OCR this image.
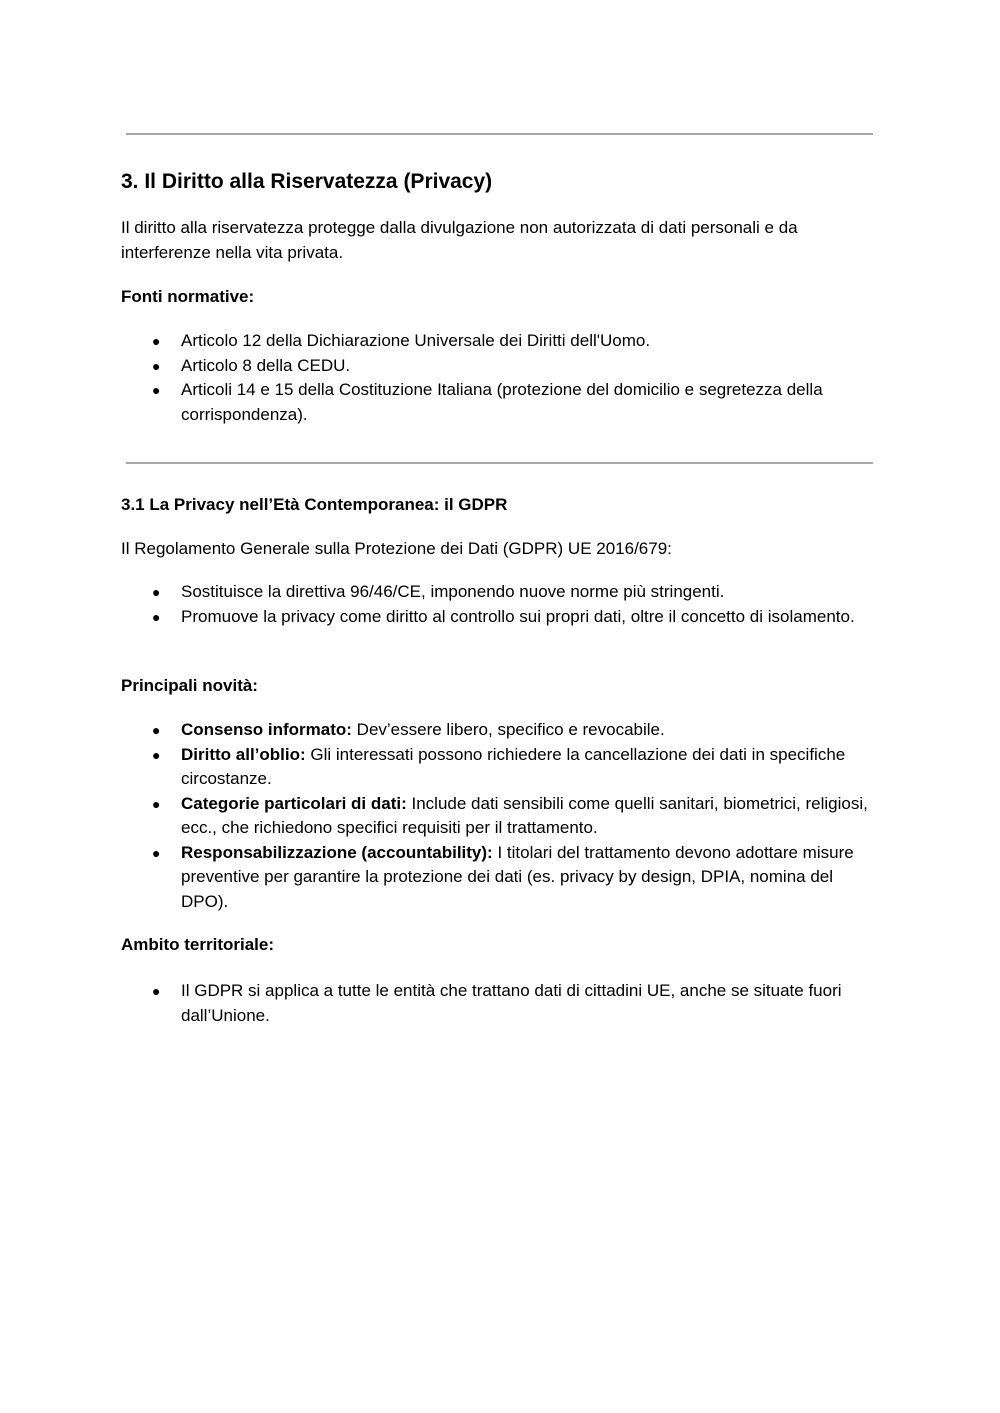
3. Il Diritto alla Riservatezza (Privacy)

Il diritto alla riservatezza protegge dalla divulgazione non autorizzata di dati personali e da interferenze nella vita privata.

Fonti normative:

● Articolo 12 della Dichiarazione Universale dei Diritti dell'Uomo.
● Articolo 8 della CEDU.
● Articoli 14 e 15 della Costituzione Italiana (protezione del domicilio e segretezza della corrispondenza).
3.1 La Privacy nell’Età Contemporanea: il GDPR

Il Regolamento Generale sulla Protezione dei Dati (GDPR) UE 2016/679:

● Sostituisce la direttiva 96/46/CE, imponendo nuove norme più stringenti.
● Promuove la privacy come diritto al controllo sui propri dati, oltre il concetto di isolamento.

Principali novità:

● Consenso informato: Dev’essere libero, specifico e revocabile.
● Diritto all’oblio: Gli interessati possono richiedere la cancellazione dei dati in specifiche circostanze.
● Categorie particolari di dati: Include dati sensibili come quelli sanitari, biometrici, religiosi, ecc., che richiedono specifici requisiti per il trattamento.
● Responsabilizzazione (accountability): I titolari del trattamento devono adottare misure preventive per garantire la protezione dei dati (es. privacy by design, DPIA, nomina del DPO).

Ambito territoriale:

● Il GDPR si applica a tutte le entità che trattano dati di cittadini UE, anche se situate fuori dall’Unione.
